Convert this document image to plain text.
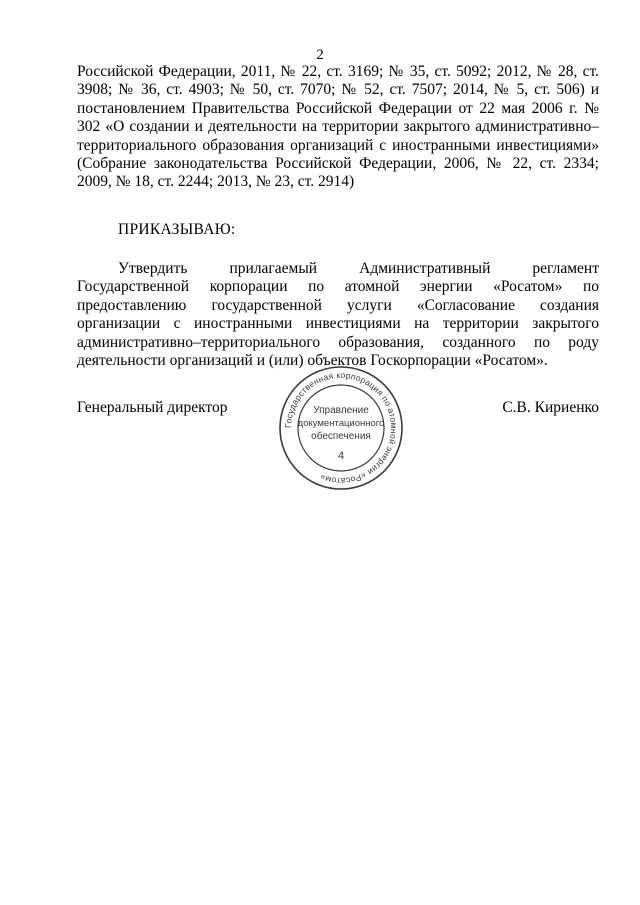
2
Российской Федерации, 2011, № 22, ст. 3169; № 35, ст. 5092; 2012, № 28, ст. 3908; № 36, ст. 4903; № 50, ст. 7070; № 52, ст. 7507; 2014, № 5, ст. 506) и постановлением Правительства Российской Федерации от 22 мая 2006 г. № 302 «О создании и деятельности на территории закрытого административно–территориального образования организаций с иностранными инвестициями» (Собрание законодательства Российской Федерации, 2006, № 22, ст. 2334; 2009, № 18, ст. 2244; 2013, № 23, ст. 2914)
ПРИКАЗЫВАЮ:
Утвердить прилагаемый Административный регламент Государственной корпорации по атомной энергии «Росатом» по предоставлению государственной услуги «Согласование создания организации с иностранными инвестициями на территории закрытого административно–территориального образования, созданного по роду деятельности организаций и (или) объектов Госкорпорации «Росатом».
Генеральный директор	С.В. Кириенко
Государственная корпорация по атомной энергии «Росатом»
Управление
документационного
обеспечения
4
